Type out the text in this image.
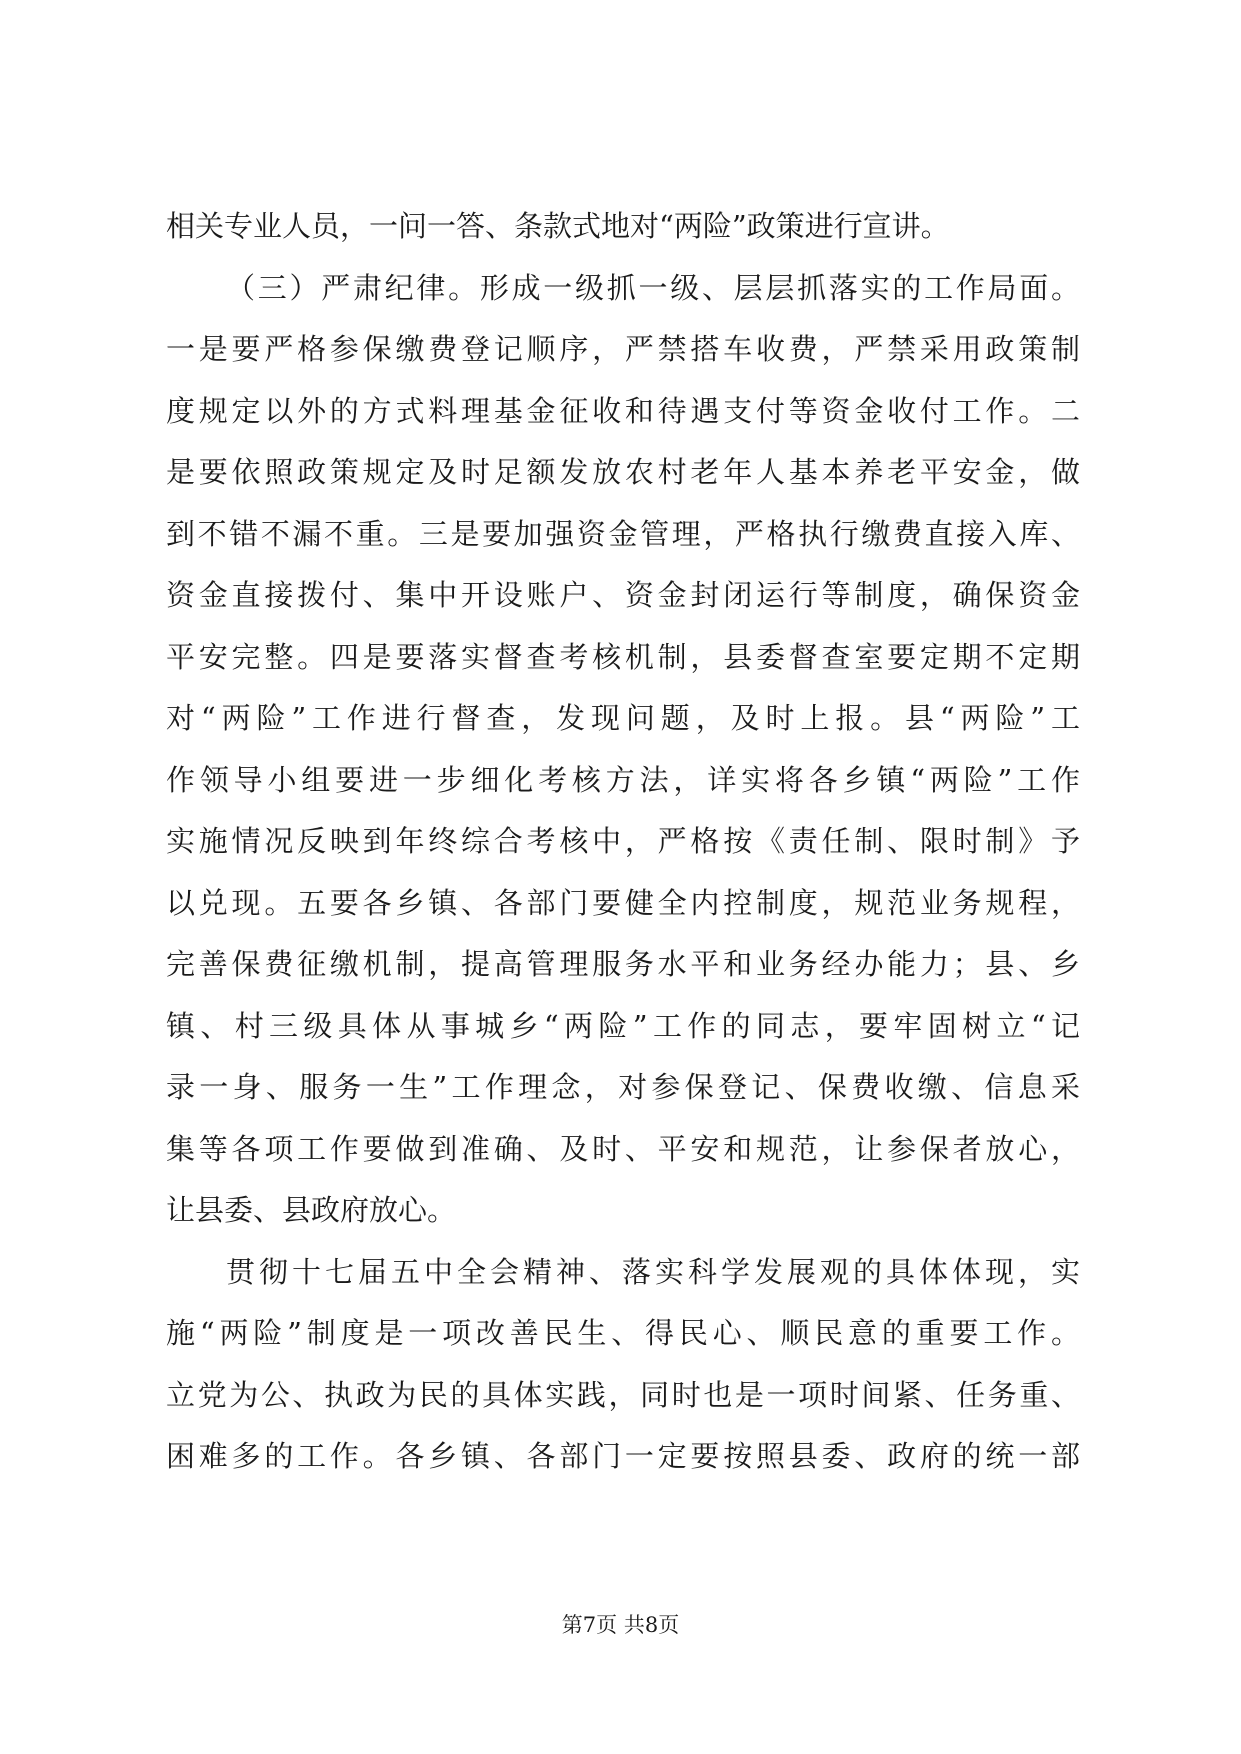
相关专业人员，一问一答、条款式地对“两险”政策进行宣讲。
（三）严肃纪律。形成一级抓一级、层层抓落实的工作局面。
一是要严格参保缴费登记顺序，严禁搭车收费，严禁采用政策制
度规定以外的方式料理基金征收和待遇支付等资金收付工作。二
是要依照政策规定及时足额发放农村老年人基本养老平安金，做
到不错不漏不重。三是要加强资金管理，严格执行缴费直接入库、
资金直接拨付、集中开设账户、资金封闭运行等制度，确保资金
平安完整。四是要落实督查考核机制，县委督查室要定期不定期
对“两险”工作进行督查，发现问题，及时上报。县“两险”工
作领导小组要进一步细化考核方法，详实将各乡镇“两险”工作
实施情况反映到年终综合考核中，严格按《责任制、限时制》予
以兑现。五要各乡镇、各部门要健全内控制度，规范业务规程，
完善保费征缴机制，提高管理服务水平和业务经办能力；县、乡
镇、村三级具体从事城乡“两险”工作的同志，要牢固树立“记
录一身、服务一生”工作理念，对参保登记、保费收缴、信息采
集等各项工作要做到准确、及时、平安和规范，让参保者放心，
让县委、县政府放心。
贯彻十七届五中全会精神、落实科学发展观的具体体现，实
施“两险”制度是一项改善民生、得民心、顺民意的重要工作。
立党为公、执政为民的具体实践，同时也是一项时间紧、任务重、
困难多的工作。各乡镇、各部门一定要按照县委、政府的统一部
第7页 共8页
